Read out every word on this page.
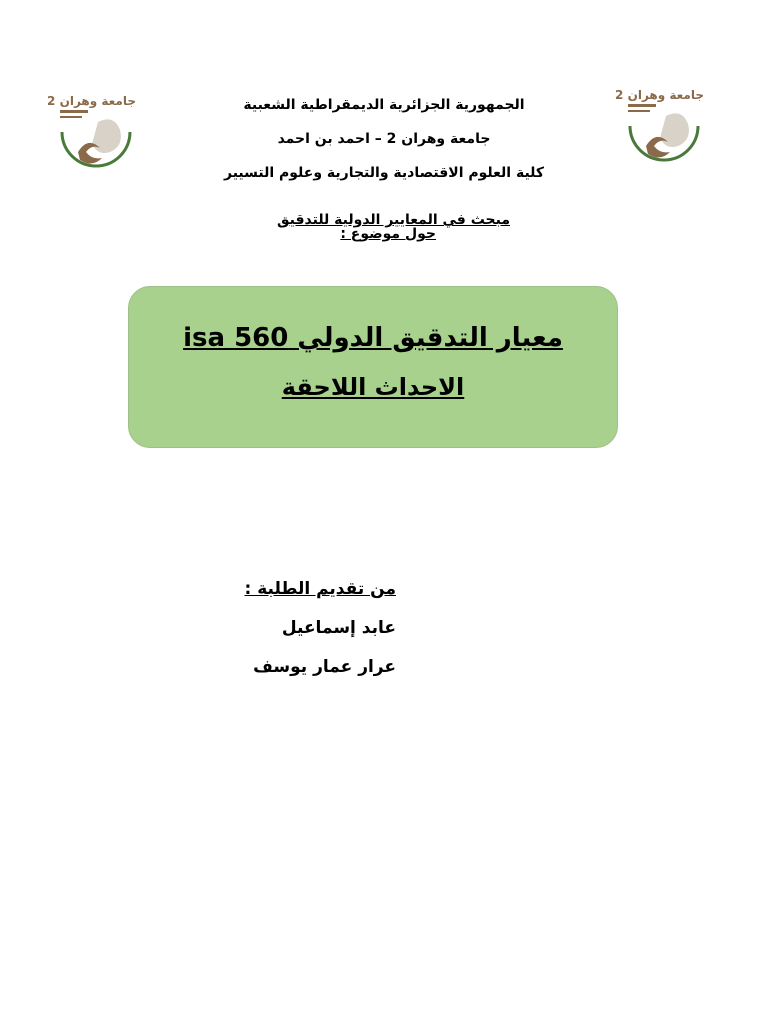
جامعة وهران 2	جامعة وهران 2
الجمهورية الجزائرية الديمقراطية الشعبية
جامعة وهران 2 – احمد بن احمد
كلية العلوم الاقتصادية والتجارية وعلوم التسيير
مبحث في المعايير الدولية للتدقيق
حول موضوع :
معيار التدقيق الدولي isa 560
الاحداث اللاحقة
من تقديم الطلبة :
عابد إسماعيل
عرار عمار يوسف
